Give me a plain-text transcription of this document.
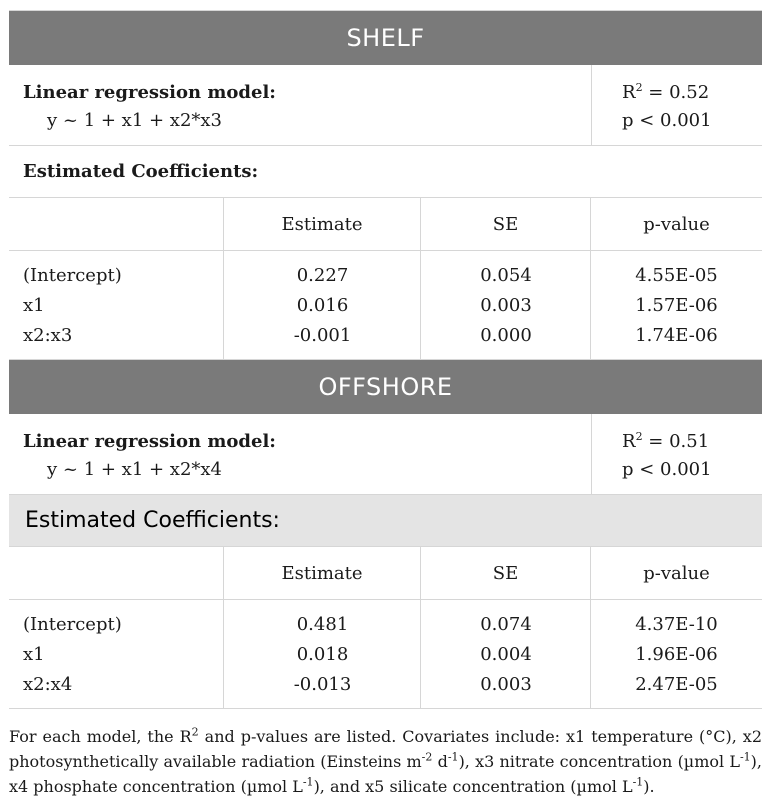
SHELF
Linear regression model:
y ~ 1 + x1 + x2*x3
$R^2 = 0.52$
p < 0.001
Estimated Coefficients:
Estimate	SE	p-value
(Intercept)	0.227	0.054	4.55E-05
x1	0.016	0.003	1.57E-06
x2:x3	-0.001	0.000	1.74E-06
OFFSHORE
Linear regression model:
y ~ 1 + x1 + x2*x4
$R^2 = 0.51$
p < 0.001
Estimated Coefficients:
Estimate	SE	p-value
(Intercept)	0.481	0.074	4.37E-10
x1	0.018	0.004	1.96E-06
x2:x4	-0.013	0.003	2.47E-05
For each model, the $R^2$ and p-values are listed. Covariates include: x1 temperature (°C), x2 photosynthetically available radiation (Einsteins $m^{-2}$ $d^{-1}$), x3 nitrate concentration (µmol $L^{-1}$), x4 phosphate concentration (µmol $L^{-1}$), and x5 silicate concentration (µmol $L^{-1}$).
